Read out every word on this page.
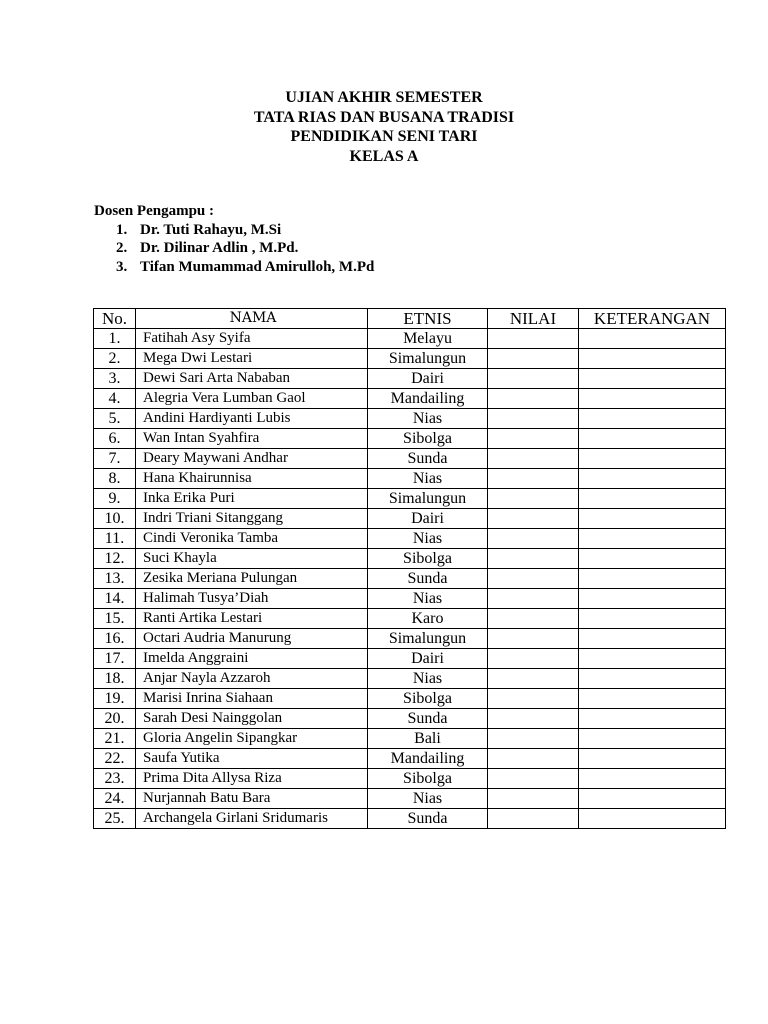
UJIAN AKHIR SEMESTER
TATA RIAS DAN BUSANA TRADISI
PENDIDIKAN SENI TARI
KELAS A
Dosen Pengampu :
1. Dr. Tuti Rahayu, M.Si
2. Dr. Dilinar Adlin , M.Pd.
3. Tifan Mumammad Amirulloh, M.Pd
No.	NAMA	ETNIS	NILAI	KETERANGAN
1.	Fatihah Asy Syifa	Melayu		
2.	Mega Dwi Lestari	Simalungun		
3.	Dewi Sari Arta Nababan	Dairi		
4.	Alegria Vera Lumban Gaol	Mandailing		
5.	Andini Hardiyanti Lubis	Nias		
6.	Wan Intan Syahfira	Sibolga		
7.	Deary Maywani Andhar	Sunda		
8.	Hana Khairunnisa	Nias		
9.	Inka Erika Puri	Simalungun		
10.	Indri Triani Sitanggang	Dairi		
11.	Cindi Veronika Tamba	Nias		
12.	Suci Khayla	Sibolga		
13.	Zesika Meriana Pulungan	Sunda		
14.	Halimah Tusya’Diah	Nias		
15.	Ranti Artika Lestari	Karo		
16.	Octari Audria Manurung	Simalungun		
17.	Imelda Anggraini	Dairi		
18.	Anjar Nayla Azzaroh	Nias		
19.	Marisi Inrina Siahaan	Sibolga		
20.	Sarah Desi Nainggolan	Sunda		
21.	Gloria Angelin Sipangkar	Bali		
22.	Saufa Yutika	Mandailing		
23.	Prima Dita Allysa Riza	Sibolga		
24.	Nurjannah Batu Bara	Nias		
25.	Archangela Girlani Sridumaris	Sunda		
